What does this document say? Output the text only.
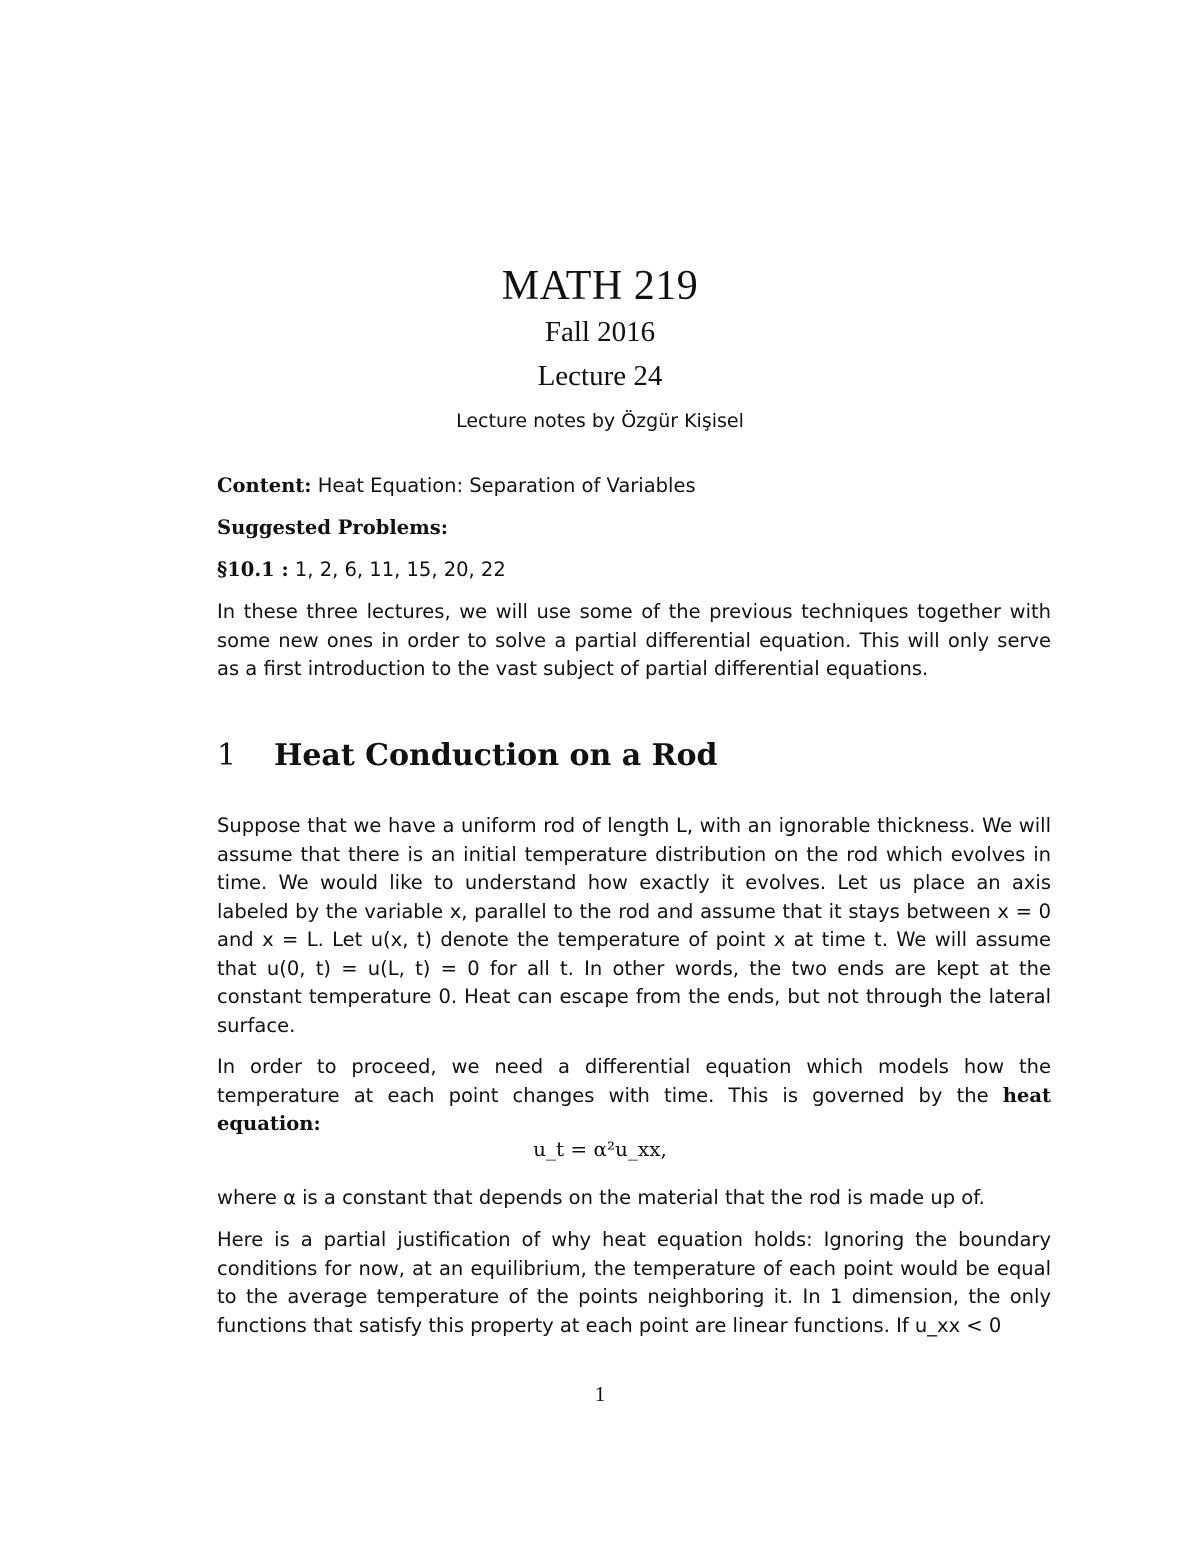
MATH 219
Fall 2016
Lecture 24
Lecture notes by Özgür Kişisel
Content: Heat Equation: Separation of Variables
Suggested Problems:
§10.1 : 1, 2, 6, 11, 15, 20, 22
In these three lectures, we will use some of the previous techniques together with some new ones in order to solve a partial differential equation. This will only serve as a first introduction to the vast subject of partial differential equations.
1 Heat Conduction on a Rod
Suppose that we have a uniform rod of length L, with an ignorable thickness. We will assume that there is an initial temperature distribution on the rod which evolves in time. We would like to understand how exactly it evolves. Let us place an axis labeled by the variable x, parallel to the rod and assume that it stays between x = 0 and x = L. Let u(x, t) denote the temperature of point x at time t. We will assume that u(0, t) = u(L, t) = 0 for all t. In other words, the two ends are kept at the constant temperature 0. Heat can escape from the ends, but not through the lateral surface.
In order to proceed, we need a differential equation which models how the temperature at each point changes with time. This is governed by the heat equation:
u_t = α²u_xx,
where α is a constant that depends on the material that the rod is made up of.
Here is a partial justification of why heat equation holds: Ignoring the boundary conditions for now, at an equilibrium, the temperature of each point would be equal to the average temperature of the points neighboring it. In 1 dimension, the only functions that satisfy this property at each point are linear functions. If u_xx < 0
1
